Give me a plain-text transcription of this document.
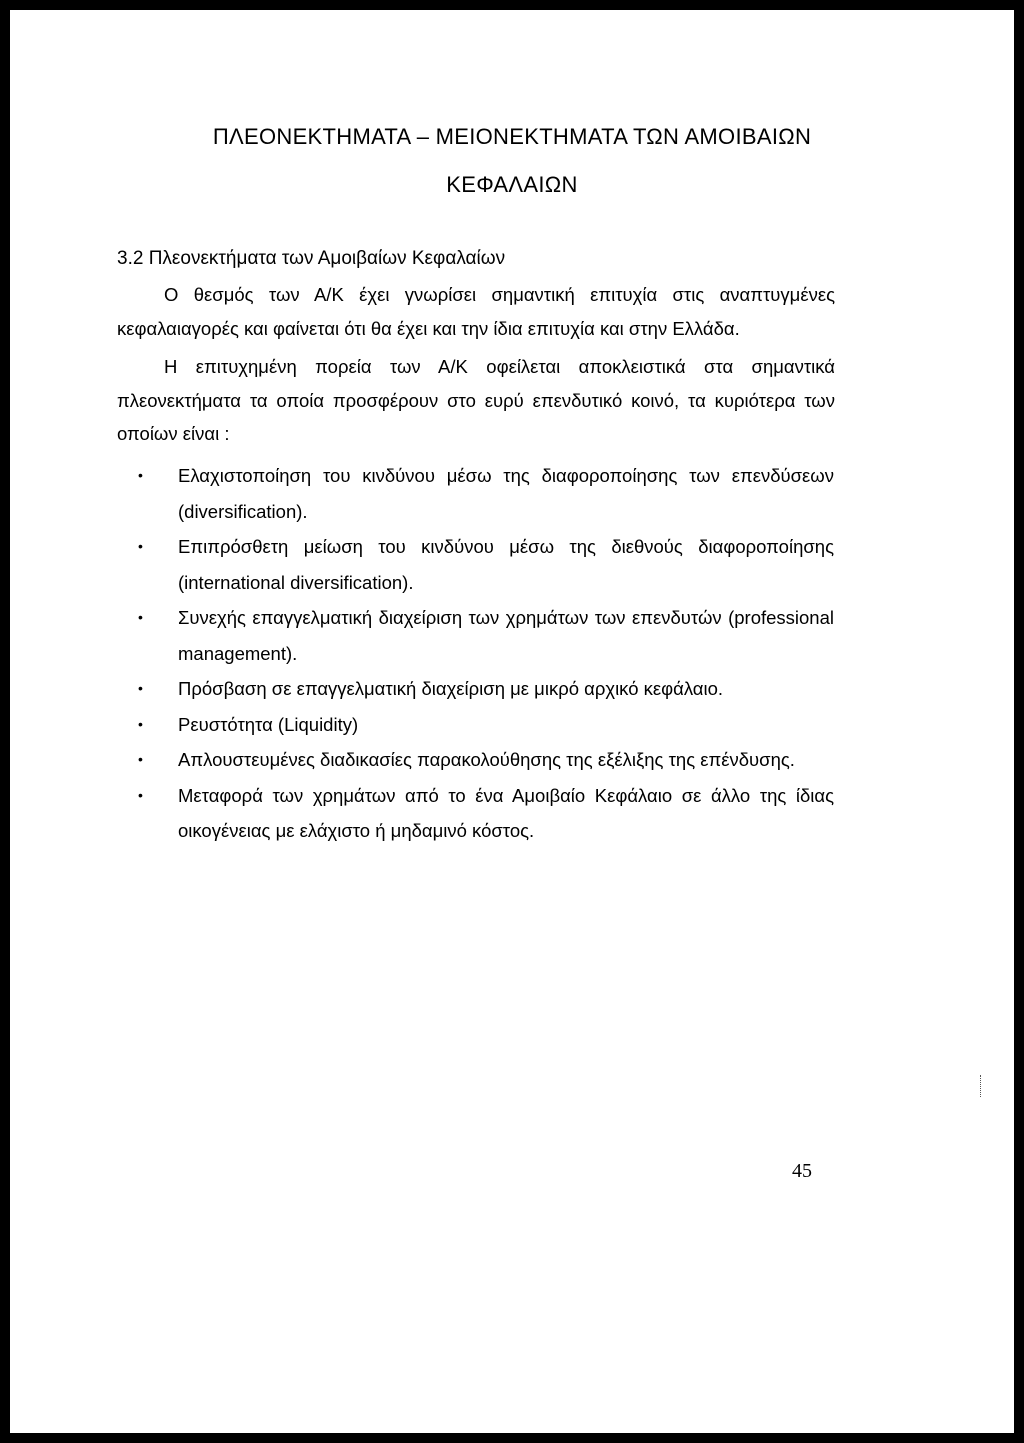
ΠΛΕΟΝΕΚΤΗΜΑΤΑ – ΜΕΙΟΝΕΚΤΗΜΑΤΑ ΤΩΝ ΑΜΟΙΒΑΙΩΝ
ΚΕΦΑΛΑΙΩΝ
3.2 Πλεονεκτήματα των Αμοιβαίων Κεφαλαίων
Ο θεσμός των Α/Κ έχει γνωρίσει σημαντική επιτυχία στις αναπτυγμένες κεφαλαιαγορές και φαίνεται ότι θα έχει και την ίδια επιτυχία και στην Ελλάδα.
Η επιτυχημένη πορεία των Α/Κ οφείλεται αποκλειστικά στα σημαντικά πλεονεκτήματα τα οποία προσφέρουν στο ευρύ επενδυτικό κοινό, τα κυριότερα των οποίων είναι :
• Ελαχιστοποίηση του κινδύνου μέσω της διαφοροποίησης των επενδύσεων (diversification).
• Επιπρόσθετη μείωση του κινδύνου μέσω της διεθνούς διαφοροποίησης (international diversification).
• Συνεχής επαγγελματική διαχείριση των χρημάτων των επενδυτών (professional management).
• Πρόσβαση σε επαγγελματική διαχείριση με μικρό αρχικό κεφάλαιο.
• Ρευστότητα (Liquidity)
• Απλουστευμένες διαδικασίες παρακολούθησης της εξέλιξης της επένδυσης.
• Μεταφορά των χρημάτων από το ένα Αμοιβαίο Κεφάλαιο σε άλλο της ίδιας οικογένειας με ελάχιστο ή μηδαμινό κόστος.
45
